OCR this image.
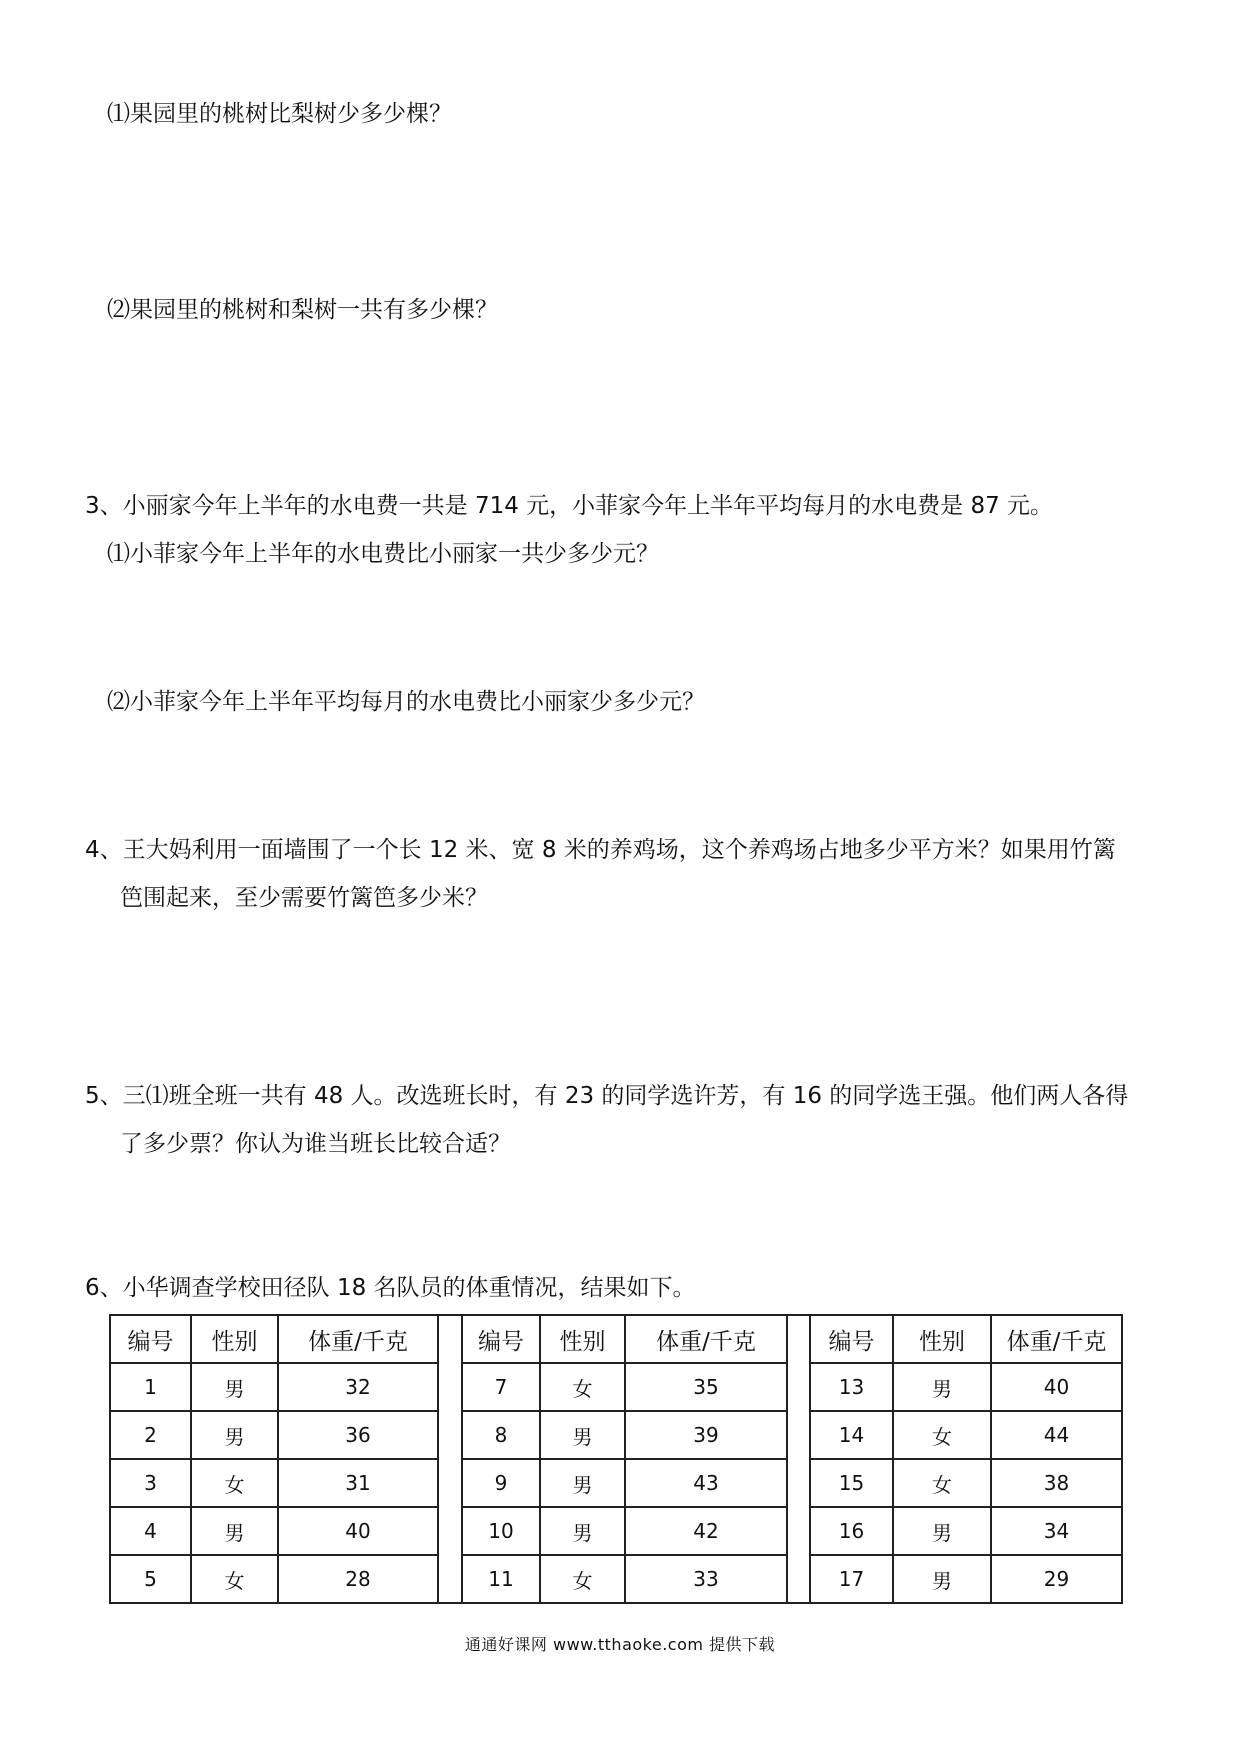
⑴果园里的桃树比梨树少多少棵？
⑵果园里的桃树和梨树一共有多少棵？
3、小丽家今年上半年的水电费一共是 714 元，小菲家今年上半年平均每月的水电费是 87 元。
⑴小菲家今年上半年的水电费比小丽家一共少多少元？
⑵小菲家今年上半年平均每月的水电费比小丽家少多少元？
4、王大妈利用一面墙围了一个长 12 米、宽 8 米的养鸡场，这个养鸡场占地多少平方米？如果用竹篱
笆围起来，至少需要竹篱笆多少米？
5、三⑴班全班一共有 48 人。改选班长时，有 23 的同学选许芳，有 16 的同学选王强。他们两人各得
了多少票？你认为谁当班长比较合适？
6、小华调查学校田径队 18 名队员的体重情况，结果如下。
编号	性别	体重/千克		编号	性别	体重/千克		编号	性别	体重/千克
1	男	32		7	女	35		13	男	40
2	男	36		8	男	39		14	女	44
3	女	31		9	男	43		15	女	38
4	男	40		10	男	42		16	男	34
5	女	28		11	女	33		17	男	29
通通好课网 www.tthaoke.com 提供下载
